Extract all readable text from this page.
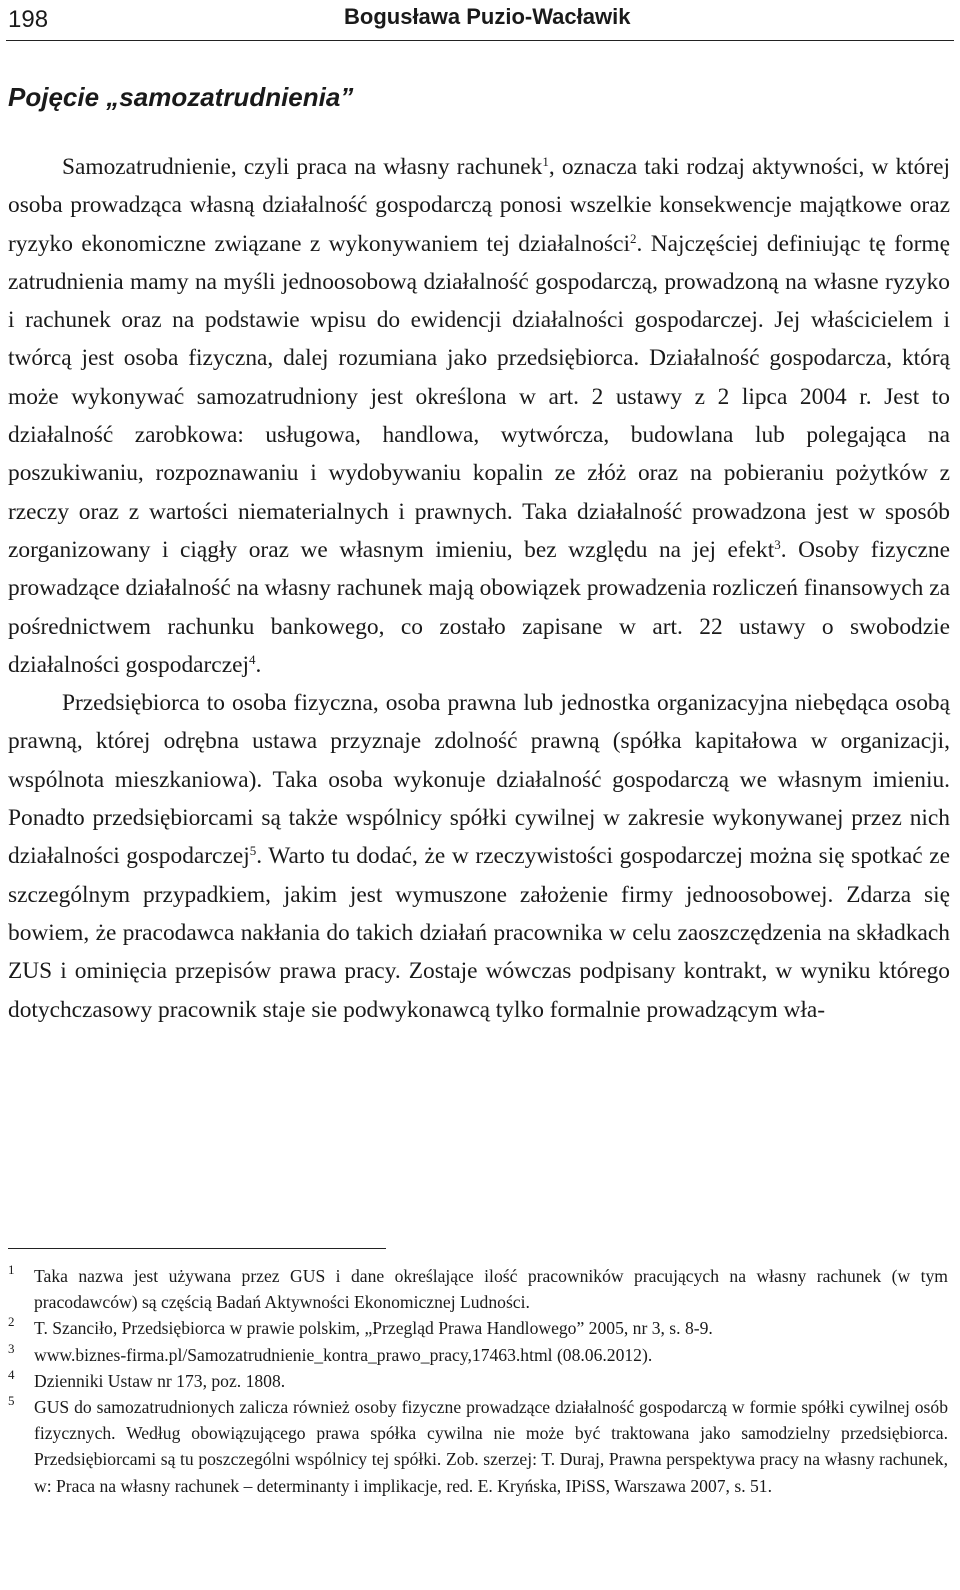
198	Bogusława Puzio-Wacławik
Pojęcie „samozatrudnienia”

Samozatrudnienie, czyli praca na własny rachunek$^1$, oznacza taki rodzaj aktywności, w której osoba prowadząca własną działalność gospodarczą ponosi wszelkie konsekwencje majątkowe oraz ryzyko ekonomiczne związane z wykonywaniem tej działalności$^2$. Najczęściej definiując tę formę zatrudnienia mamy na myśli jednoosobową działalność gospodarczą, prowadzoną na własne ryzyko i rachunek oraz na podstawie wpisu do ewidencji działalności gospodarczej. Jej właścicielem i twórcą jest osoba fizyczna, dalej rozumiana jako przedsiębiorca. Działalność gospodarcza, którą może wykonywać samozatrudniony jest określona w art. 2 ustawy z 2 lipca 2004 r. Jest to działalność zarobkowa: usługowa, handlowa, wytwórcza, budowlana lub polegająca na poszukiwaniu, rozpoznawaniu i wydobywaniu kopalin ze złóż oraz na pobieraniu pożytków z rzeczy oraz z wartości niematerialnych i prawnych. Taka działalność prowadzona jest w sposób zorganizowany i ciągły oraz we własnym imieniu, bez względu na jej efekt$^3$. Osoby fizyczne prowadzące działalność na własny rachunek mają obowiązek prowadzenia rozliczeń finansowych za pośrednictwem rachunku bankowego, co zostało zapisane w art. 22 ustawy o swobodzie działalności gospodarczej$^4$.

Przedsiębiorca to osoba fizyczna, osoba prawna lub jednostka organizacyjna niebędąca osobą prawną, której odrębna ustawa przyznaje zdolność prawną (spółka kapitałowa w organizacji, wspólnota mieszkaniowa). Taka osoba wykonuje działalność gospodarczą we własnym imieniu. Ponadto przedsiębiorcami są także wspólnicy spółki cywilnej w zakresie wykonywanej przez nich działalności gospodarczej$^5$. Warto tu dodać, że w rzeczywistości gospodarczej można się spotkać ze szczególnym przypadkiem, jakim jest wymuszone założenie firmy jednoosobowej. Zdarza się bowiem, że pracodawca nakłania do takich działań pracownika w celu zaoszczędzenia na składkach ZUS i ominięcia przepisów prawa pracy. Zostaje wówczas podpisany kontrakt, w wyniku którego dotychczasowy pracownik staje sie podwykonawcą tylko formalnie prowadzącym wła-

1 Taka nazwa jest używana przez GUS i dane określające ilość pracowników pracujących na własny rachunek (w tym pracodawców) są częścią Badań Aktywności Ekonomicznej Ludności.
2 T. Szanciło, Przedsiębiorca w prawie polskim, „Przegląd Prawa Handlowego” 2005, nr 3, s. 8-9.
3 www.biznes-firma.pl/Samozatrudnienie_kontra_prawo_pracy,17463.html (08.06.2012).
4 Dzienniki Ustaw nr 173, poz. 1808.
5 GUS do samozatrudnionych zalicza również osoby fizyczne prowadzące działalność gospodarczą w formie spółki cywilnej osób fizycznych. Według obowiązującego prawa spółka cywilna nie może być traktowana jako samodzielny przedsiębiorca. Przedsiębiorcami są tu poszczególni wspólnicy tej spółki. Zob. szerzej: T. Duraj, Prawna perspektywa pracy na własny rachunek, w: Praca na własny rachunek – determinanty i implikacje, red. E. Kryńska, IPiSS, Warszawa 2007, s. 51.
